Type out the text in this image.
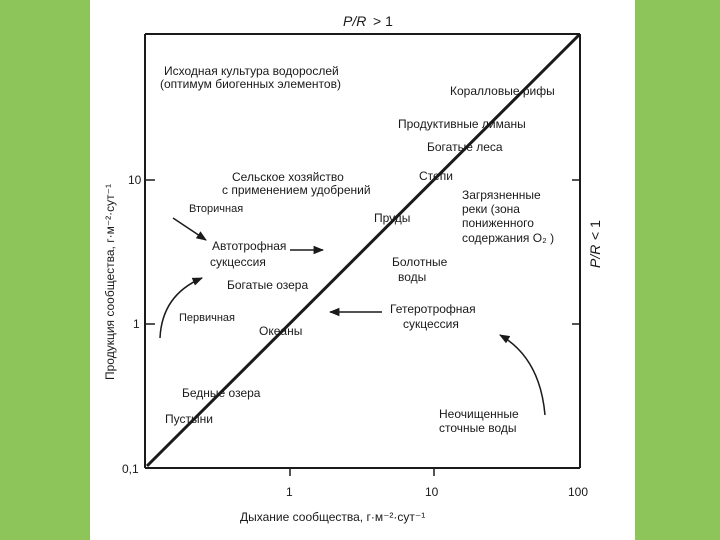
10
1
0,1
1	10	100
Дыхание сообщества, г·м⁻²·сут⁻¹
Продукция сообщества, г·м⁻²·сут⁻¹
P/R > 1
P/R
< 1
Исходная культура водорослей
(оптимум биогенных элементов)	Коралловые рифы
Продуктивные лиманы
Богатые леса
Сельское хозяйство
с применением удобрений
Степи
Загрязненные
реки (зона
пониженного
содержания O₂ )
Вторичная
Пруды
Автотрофная
сукцессия	Болотные
воды
Богатые озера
Первичная
Гетеротрофная
сукцессия
Океаны
Бедные озера
Пустыни	Неочищенные
сточные воды
